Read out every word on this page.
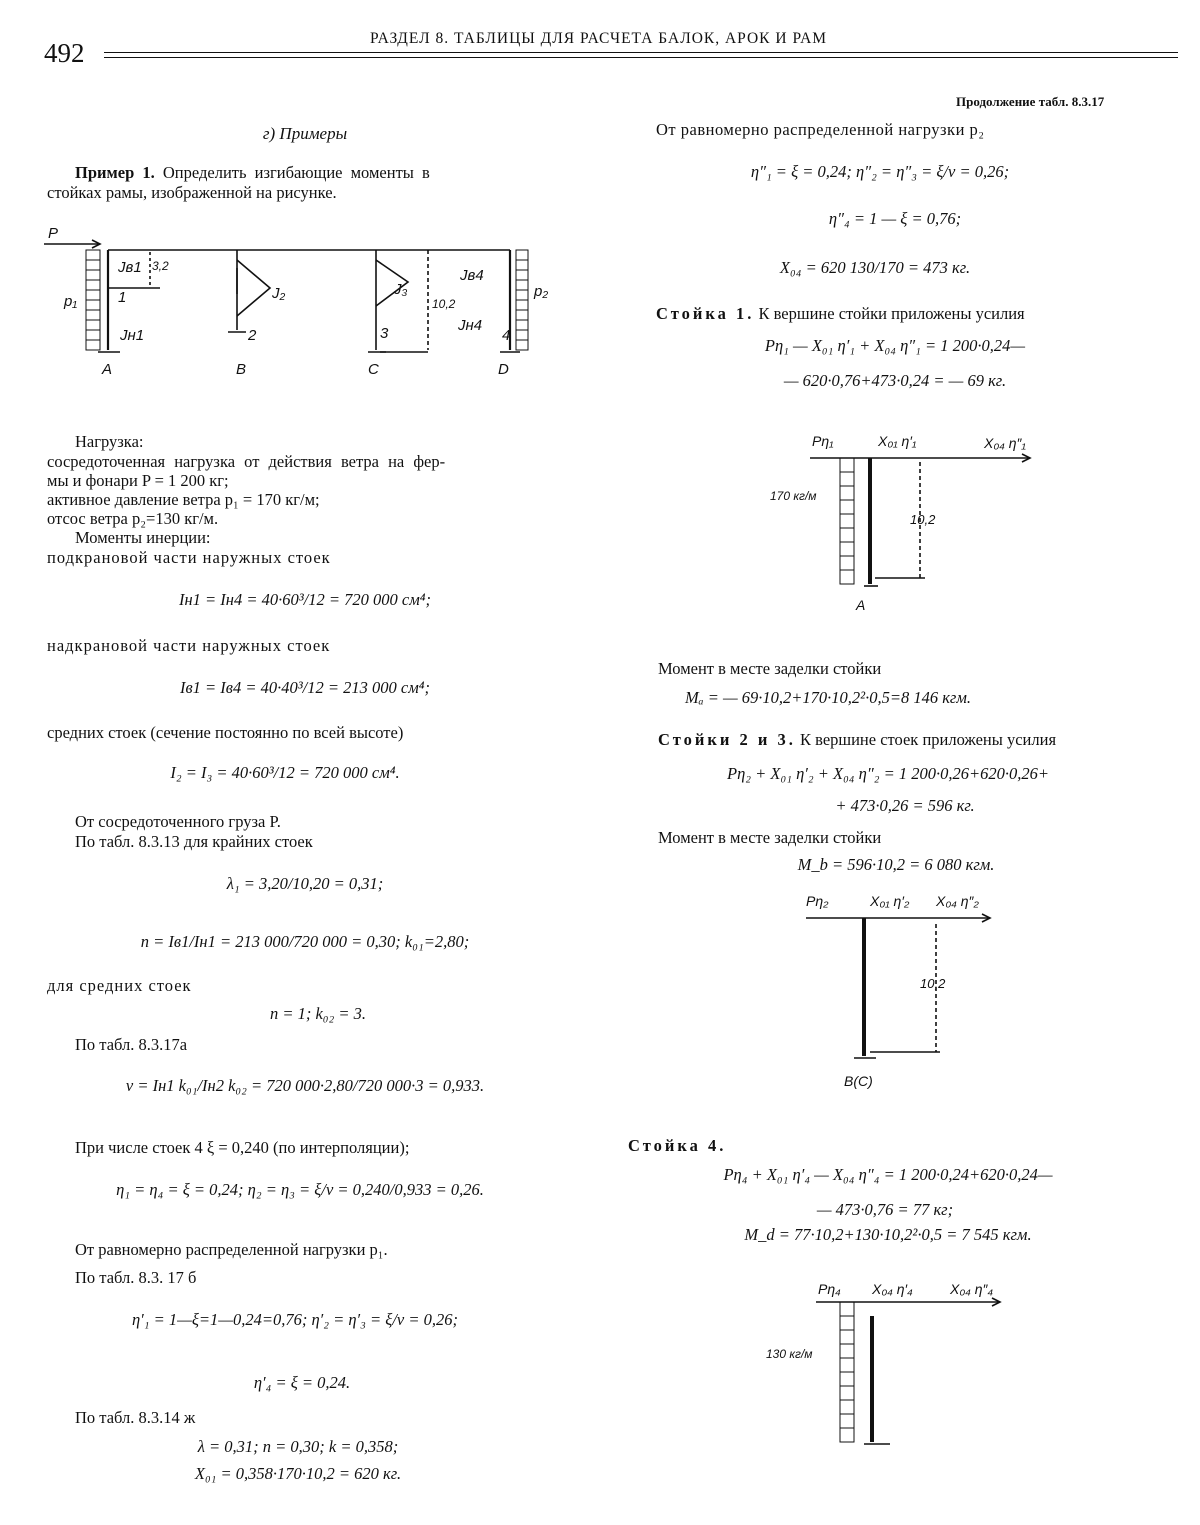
492	РАЗДЕЛ 8. ТАБЛИЦЫ ДЛЯ РАСЧЕТА БАЛОК, АРОК И РАМ
Продолжение табл. 8.3.17
г) Примеры
Пример 1. Определить изгибающие моменты в
стойках рамы, изображенной на рисунке.
P
p₁
p₂
Jв1
Jн1
J₂	J₃
Jв4
Jн4
3,2
10,2
1
2	3	4
A	B	C	D
Нагрузка:
сосредоточенная нагрузка от действия ветра на фер-
мы и фонари P = 1 200 кг;
активное давление ветра p₁ = 170 кг/м;
отсос ветра p₂=130 кг/м.
Моменты инерции:
подкрановой части наружных стоек
Iн1 = Iн4 = 40·60³/12 = 720 000 см⁴;
надкрановой части наружных стоек
Iв1 = Iв4 = 40·40³/12 = 213 000 см⁴;
средних стоек (сечение постоянно по всей высоте)
I₂ = I₃ = 40·60³/12 = 720 000 см⁴.
От сосредоточенного груза P.
По табл. 8.3.13 для крайних стоек
λ₁ = 3,20/10,20 = 0,31;
n = Iв1/Iн1 = 213 000/720 000 = 0,30; k₀₁=2,80;
для средних стоек
n = 1; k₀₂ = 3.
По табл. 8.3.17а
ν = Iн1 k₀₁/Iн2 k₀₂ = 720 000·2,80/720 000·3 = 0,933.
При числе стоек 4 ξ = 0,240 (по интерполяции);
η₁ = η₄ = ξ = 0,24; η₂ = η₃ = ξ/ν = 0,240/0,933 = 0,26.
От равномерно распределенной нагрузки p₁.
По табл. 8.3. 17 б
η′₁ = 1—ξ=1—0,24=0,76; η′₂ = η′₃ = ξ/ν = 0,26;
η′₄ = ξ = 0,24.
По табл. 8.3.14 ж
λ = 0,31; n = 0,30; k = 0,358;
X₀₁ = 0,358·170·10,2 = 620 кг.
От равномерно распределенной нагрузки p₂
η″₁ = ξ = 0,24; η″₂ = η″₃ = ξ/ν = 0,26;
η″₄ = 1 — ξ = 0,76;
X₀₄ = 620 130/170 = 473 кг.
Стойка 1. К вершине стойки приложены усилия
Pη₁ — X₀₁ η′₁ + X₀₄ η″₁ = 1 200·0,24—
— 620·0,76+473·0,24 = — 69 кг.
Pη₁	X₀₁ η′₁	X₀₄ η″₁
170 кг/м
10,2
A
Момент в месте заделки стойки
Mₐ = — 69·10,2+170·10,2²·0,5=8 146 кгм.
Стойки 2 и 3. К вершине стоек приложены усилия
Pη₂ + X₀₁ η′₂ + X₀₄ η″₂ = 1 200·0,26+620·0,26+
+ 473·0,26 = 596 кг.
Момент в месте заделки стойки
M_b = 596·10,2 = 6 080 кгм.
Pη₂	X₀₁ η′₂ X₀₄ η″₂
10,2
B(C)
Стойка 4.
Pη₄ + X₀₁ η′₄ — X₀₄ η″₄ = 1 200·0,24+620·0,24—
— 473·0,76 = 77 кг;
M_d = 77·10,2+130·10,2²·0,5 = 7 545 кгм.
Pη₄ X₀₄ η′₄	X₀₄ η″₄
130 кг/м
